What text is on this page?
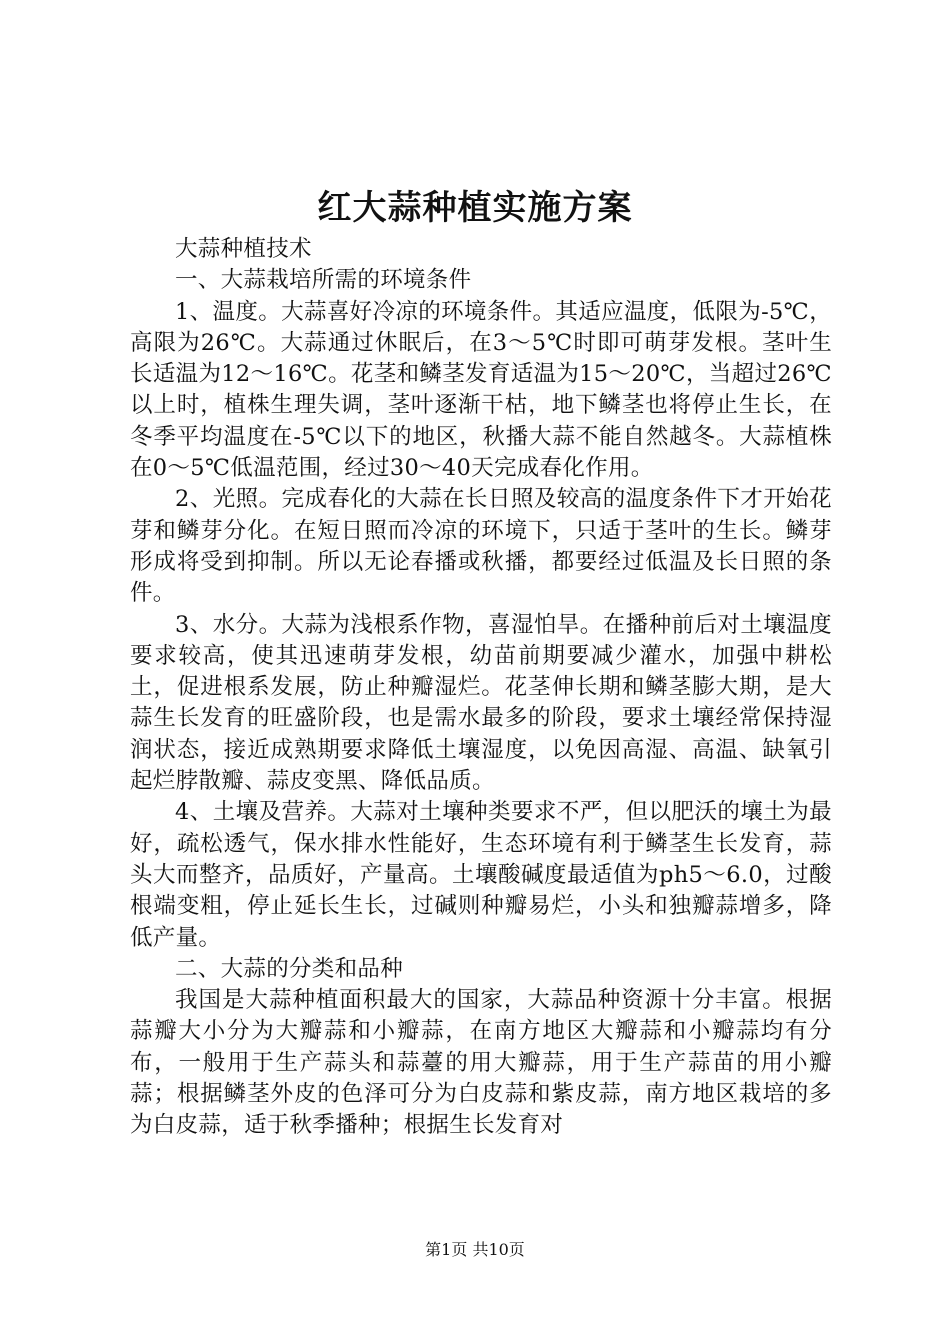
红大蒜种植实施方案

大蒜种植技术

一、大蒜栽培所需的环境条件

1、温度。大蒜喜好冷凉的环境条件。其适应温度，低限为-5℃，高限为26℃。大蒜通过休眠后，在3～5℃时即可萌芽发根。茎叶生长适温为12～16℃。花茎和鳞茎发育适温为15～20℃，当超过26℃以上时，植株生理失调，茎叶逐渐干枯，地下鳞茎也将停止生长，在冬季平均温度在-5℃以下的地区，秋播大蒜不能自然越冬。大蒜植株在0～5℃低温范围，经过30～40天完成春化作用。

2、光照。完成春化的大蒜在长日照及较高的温度条件下才开始花芽和鳞芽分化。在短日照而冷凉的环境下，只适于茎叶的生长。鳞芽形成将受到抑制。所以无论春播或秋播，都要经过低温及长日照的条件。

3、水分。大蒜为浅根系作物，喜湿怕旱。在播种前后对土壤温度要求较高，使其迅速萌芽发根，幼苗前期要减少灌水，加强中耕松土，促进根系发展，防止种瓣湿烂。花茎伸长期和鳞茎膨大期，是大蒜生长发育的旺盛阶段，也是需水最多的阶段，要求土壤经常保持湿润状态，接近成熟期要求降低土壤湿度，以免因高湿、高温、缺氧引起烂脖散瓣、蒜皮变黑、降低品质。

4、土壤及营养。大蒜对土壤种类要求不严，但以肥沃的壤土为最好，疏松透气，保水排水性能好，生态环境有利于鳞茎生长发育，蒜头大而整齐，品质好，产量高。土壤酸碱度最适值为ph5～6.0，过酸根端变粗，停止延长生长，过碱则种瓣易烂，小头和独瓣蒜增多，降低产量。

二、大蒜的分类和品种

我国是大蒜种植面积最大的国家，大蒜品种资源十分丰富。根据蒜瓣大小分为大瓣蒜和小瓣蒜，在南方地区大瓣蒜和小瓣蒜均有分布，一般用于生产蒜头和蒜薹的用大瓣蒜，用于生产蒜苗的用小瓣蒜；根据鳞茎外皮的色泽可分为白皮蒜和紫皮蒜，南方地区栽培的多为白皮蒜，适于秋季播种；根据生长发育对

第1页 共10页
